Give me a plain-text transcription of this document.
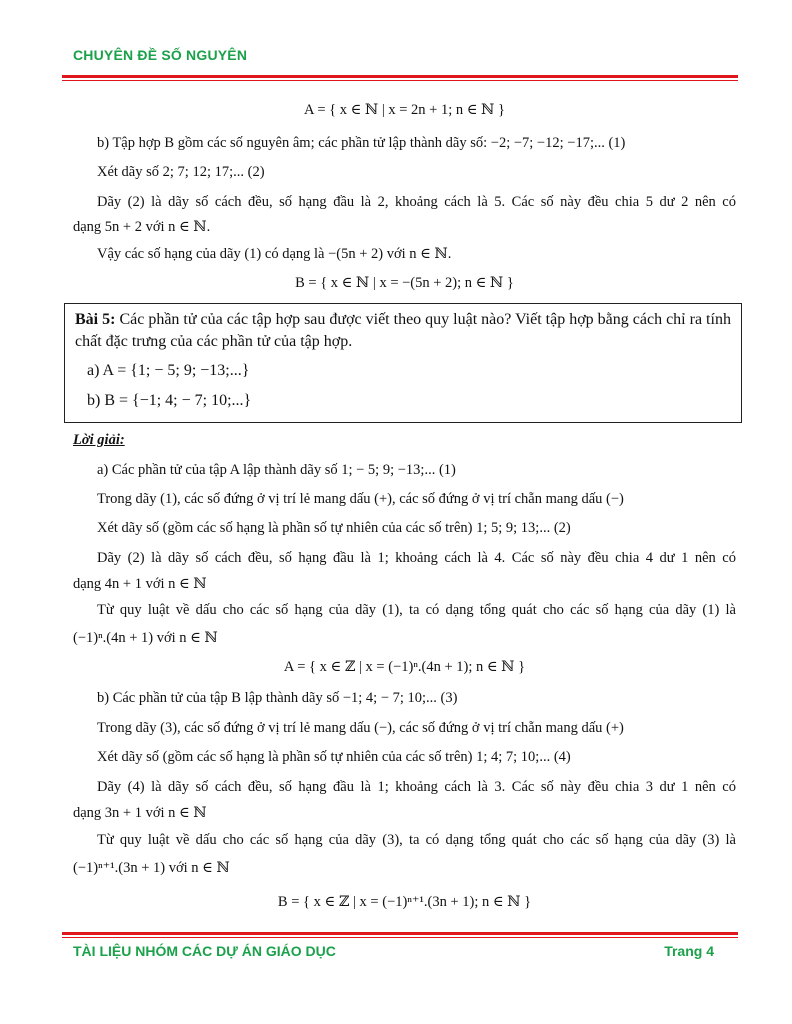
CHUYÊN ĐỀ SỐ NGUYÊN
A = { x ∈ ℕ | x = 2n + 1; n ∈ ℕ }
b) Tập hợp B gồm các số nguyên âm; các phần tử lập thành dãy số: −2; −7; −12; −17;... (1)
Xét dãy số 2; 7; 12; 17;... (2)
Dãy (2) là dãy số cách đều, số hạng đầu là 2, khoảng cách là 5. Các số này đều chia 5 dư 2 nên có
dạng 5n + 2 với n ∈ ℕ.
Vậy các số hạng của dãy (1) có dạng là −(5n + 2) với n ∈ ℕ.
B = { x ∈ ℕ | x = −(5n + 2); n ∈ ℕ }
Bài 5: Các phần tử của các tập hợp sau được viết theo quy luật nào? Viết tập hợp bằng cách chỉ ra tính
chất đặc trưng của các phần tử của tập hợp.
a) A = {1; − 5; 9; −13;...}
b) B = {−1; 4; − 7; 10;...}
Lời giải:
a) Các phần tử của tập A lập thành dãy số 1; − 5; 9; −13;... (1)
Trong dãy (1), các số đứng ở vị trí lẻ mang dấu (+), các số đứng ở vị trí chẵn mang dấu (−)
Xét dãy số (gồm các số hạng là phần số tự nhiên của các số trên) 1; 5; 9; 13;... (2)
Dãy (2) là dãy số cách đều, số hạng đầu là 1; khoảng cách là 4. Các số này đều chia 4 dư 1 nên có
dạng 4n + 1 với n ∈ ℕ
Từ quy luật về dấu cho các số hạng của dãy (1), ta có dạng tổng quát cho các số hạng của dãy (1) là
(−1)ⁿ.(4n + 1) với n ∈ ℕ
A = { x ∈ ℤ | x = (−1)ⁿ.(4n + 1); n ∈ ℕ }
b) Các phần tử của tập B lập thành dãy số −1; 4; − 7; 10;... (3)
Trong dãy (3), các số đứng ở vị trí lẻ mang dấu (−), các số đứng ở vị trí chẵn mang dấu (+)
Xét dãy số (gồm các số hạng là phần số tự nhiên của các số trên) 1; 4; 7; 10;... (4)
Dãy (4) là dãy số cách đều, số hạng đầu là 1; khoảng cách là 3. Các số này đều chia 3 dư 1 nên có
dạng 3n + 1 với n ∈ ℕ
Từ quy luật về dấu cho các số hạng của dãy (3), ta có dạng tổng quát cho các số hạng của dãy (3) là
(−1)ⁿ⁺¹.(3n + 1) với n ∈ ℕ
B = { x ∈ ℤ | x = (−1)ⁿ⁺¹.(3n + 1); n ∈ ℕ }
TÀI LIỆU NHÓM CÁC DỰ ÁN GIÁO DỤC	Trang 4
